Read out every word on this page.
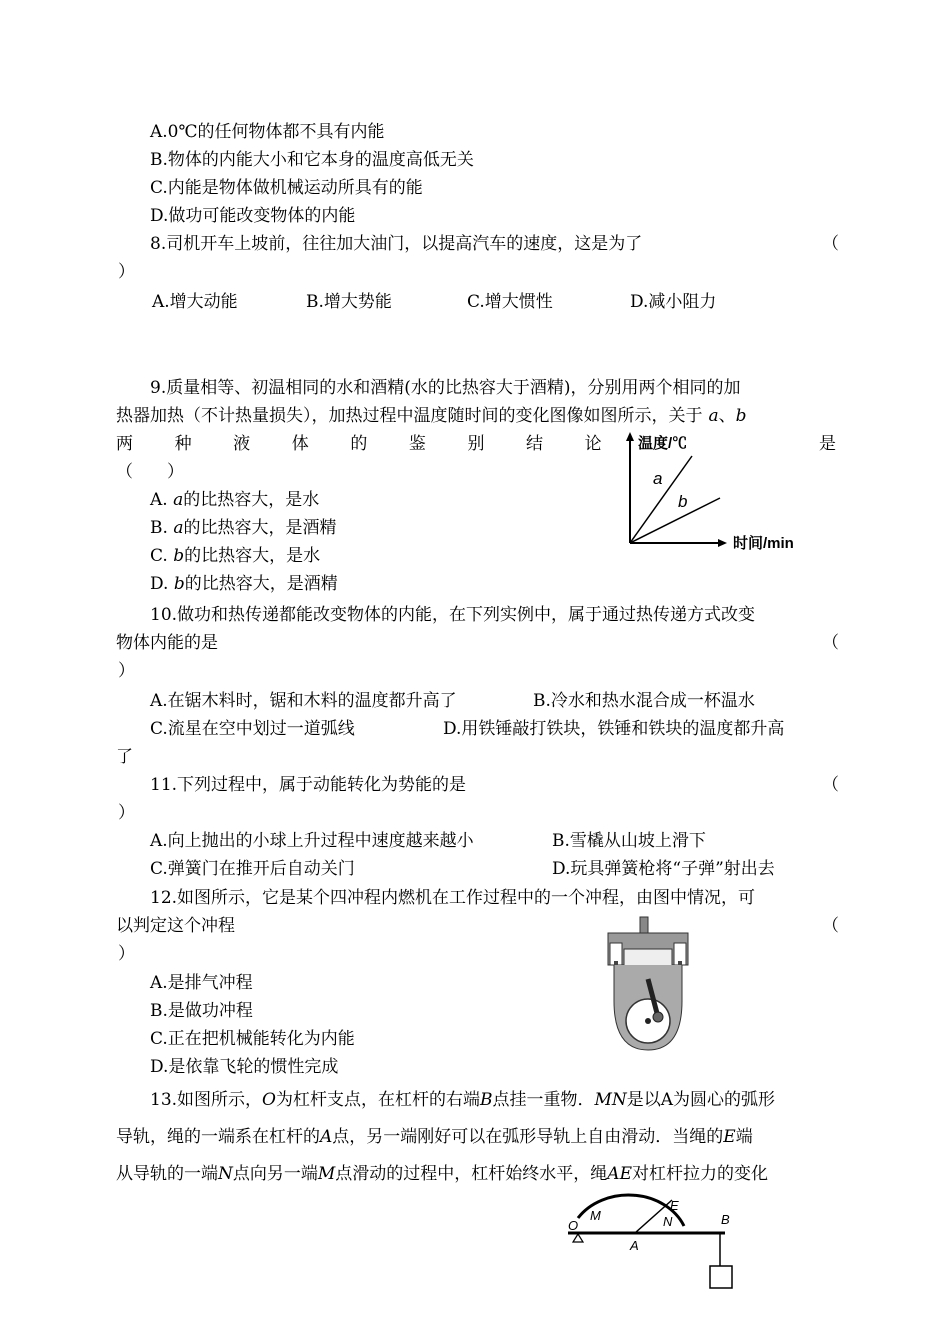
A.0℃的任何物体都不具有内能
B.物体的内能大小和它本身的温度高低无关
C.内能是物体做机械运动所具有的能
D.做功可能改变物体的内能
8.司机开车上坡前，往往加大油门，以提高汽车的速度，这是为了	（
）
A.增大动能	B.增大势能	C.增大惯性	D.减小阻力
9.质量相等、初温相同的水和酒精(水的比热容大于酒精)，分别用两个相同的加
热器加热（不计热量损失），加热过程中温度随时间的变化图像如图所示，关于 a、b
两 种 液 体 的 鉴 别 结 论	是
（　　）
A. a的比热容大，是水
B. a的比热容大，是酒精
C. b的比热容大，是水
D. b的比热容大，是酒精
温度/℃
时间/min
a
b
10.做功和热传递都能改变物体的内能，在下列实例中，属于通过热传递方式改变
物体内能的是	（
）
A.在锯木料时，锯和木料的温度都升高了	B.冷水和热水混合成一杯温水
C.流星在空中划过一道弧线	D.用铁锤敲打铁块，铁锤和铁块的温度都升高
了
11.下列过程中，属于动能转化为势能的是	（
）
A.向上抛出的小球上升过程中速度越来越小	B.雪橇从山坡上滑下
C.弹簧门在推开后自动关门	D.玩具弹簧枪将“子弹”射出去
12.如图所示，它是某个四冲程内燃机在工作过程中的一个冲程，由图中情况，可
以判定这个冲程	（
）
A.是排气冲程
B.是做功冲程
C.正在把机械能转化为内能
D.是依靠飞轮的惯性完成
13.如图所示，O为杠杆支点，在杠杆的右端B点挂一重物．MN是以A为圆心的弧形
导轨，绳的一端系在杠杆的A点，另一端刚好可以在弧形导轨上自由滑动．当绳的E端
从导轨的一端N点向另一端M点滑动的过程中，杠杆始终水平，绳AE对杠杆拉力的变化
O
M
E
N
A
B
